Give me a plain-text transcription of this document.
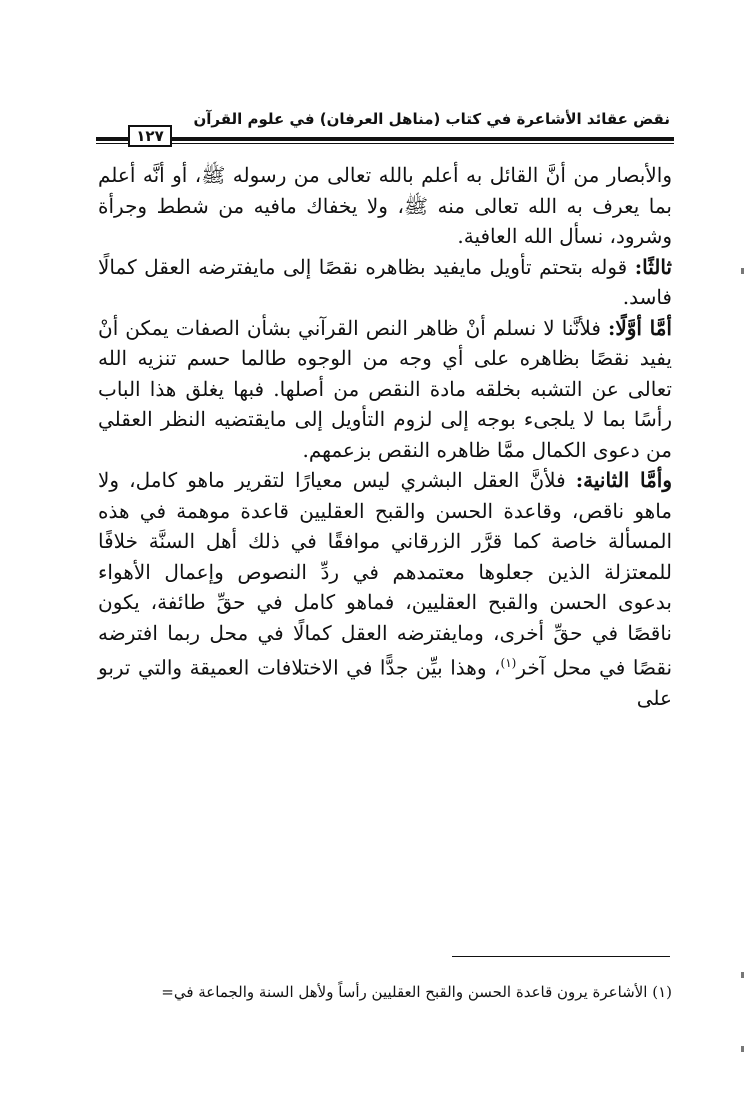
نقض عقائد الأشاعرة في كتاب (مناهل العرفان) في علوم القرآن
١٢٧

والأبصار من أنَّ القائل به أعلم بالله تعالى من رسوله ﷺ، أو أنَّه أعلم بما يعرف به الله تعالى منه ﷺ، ولا يخفاك مافيه من شطط وجرأة وشرود، نسأل الله العافية.

ثالثًا: قوله بتحتم تأويل مايفيد بظاهره نقصًا إلى مايفترضه العقل كمالًا فاسد.

أمَّا أوَّلًا: فلأنَّنا لا نسلم أنْ ظاهر النص القرآني بشأن الصفات يمكن أنْ يفيد نقصًا بظاهره على أي وجه من الوجوه طالما حسم تنزيه الله تعالى عن التشبه بخلقه مادة النقص من أصلها. فبها يغلق هذا الباب رأسًا بما لا يلجىء بوجه إلى لزوم التأويل إلى مايقتضيه النظر العقلي من دعوى الكمال ممَّا ظاهره النقص بزعمهم.

وأمَّا الثانية: فلأنَّ العقل البشري ليس معيارًا لتقرير ماهو كامل، ولا ماهو ناقص، وقاعدة الحسن والقبح العقليين قاعدة موهمة في هذه المسألة خاصة كما قرَّر الزرقاني موافقًا في ذلك أهل السنَّة خلافًا للمعتزلة الذين جعلوها معتمدهم في ردِّ النصوص وإعمال الأهواء بدعوى الحسن والقبح العقليين، فماهو كامل في حقِّ طائفة، يكون ناقصًا في حقِّ أخرى، ومايفترضه العقل كمالًا في محل ربما افترضه نقصًا في محل آخر$^{(١)}$، وهذا بيِّن جدًّا في الاختلافات العميقة والتي تربو على

(١) الأشاعرة يرون قاعدة الحسن والقبح العقليين رأساً ولأهل السنة والجماعة في=
